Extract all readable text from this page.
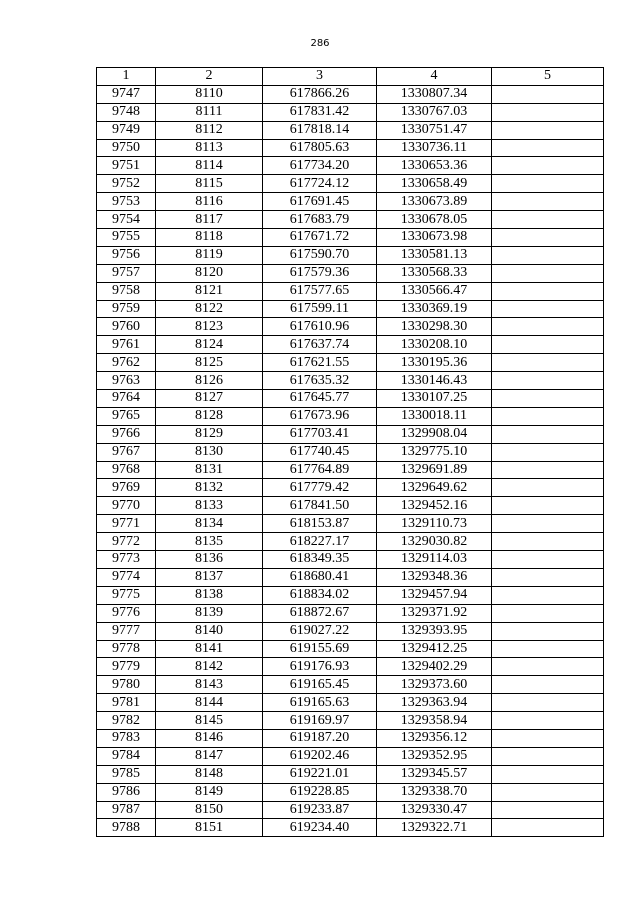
286
1	2	3	4	5
9747	8110	617866.26	1330807.34	
9748	8111	617831.42	1330767.03	
9749	8112	617818.14	1330751.47	
9750	8113	617805.63	1330736.11	
9751	8114	617734.20	1330653.36	
9752	8115	617724.12	1330658.49	
9753	8116	617691.45	1330673.89	
9754	8117	617683.79	1330678.05	
9755	8118	617671.72	1330673.98	
9756	8119	617590.70	1330581.13	
9757	8120	617579.36	1330568.33	
9758	8121	617577.65	1330566.47	
9759	8122	617599.11	1330369.19	
9760	8123	617610.96	1330298.30	
9761	8124	617637.74	1330208.10	
9762	8125	617621.55	1330195.36	
9763	8126	617635.32	1330146.43	
9764	8127	617645.77	1330107.25	
9765	8128	617673.96	1330018.11	
9766	8129	617703.41	1329908.04	
9767	8130	617740.45	1329775.10	
9768	8131	617764.89	1329691.89	
9769	8132	617779.42	1329649.62	
9770	8133	617841.50	1329452.16	
9771	8134	618153.87	1329110.73	
9772	8135	618227.17	1329030.82	
9773	8136	618349.35	1329114.03	
9774	8137	618680.41	1329348.36	
9775	8138	618834.02	1329457.94	
9776	8139	618872.67	1329371.92	
9777	8140	619027.22	1329393.95	
9778	8141	619155.69	1329412.25	
9779	8142	619176.93	1329402.29	
9780	8143	619165.45	1329373.60	
9781	8144	619165.63	1329363.94	
9782	8145	619169.97	1329358.94	
9783	8146	619187.20	1329356.12	
9784	8147	619202.46	1329352.95	
9785	8148	619221.01	1329345.57	
9786	8149	619228.85	1329338.70	
9787	8150	619233.87	1329330.47	
9788	8151	619234.40	1329322.71	
